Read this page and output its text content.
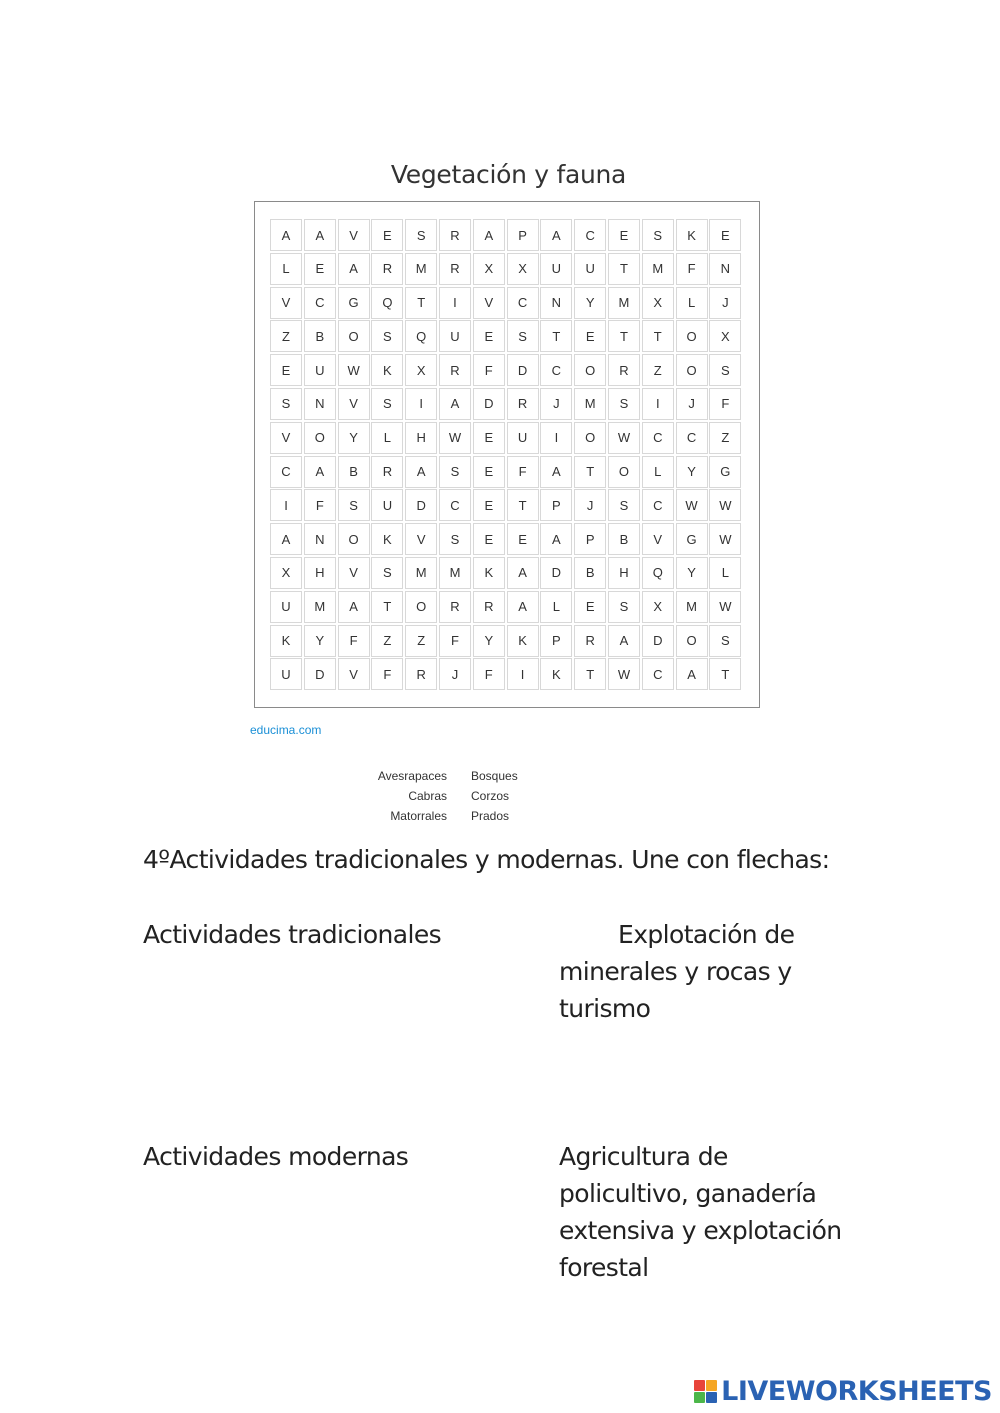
Vegetación y fauna
A	A	V	E	S	R	A	P	A	C	E	S	K	E
L	E	A	R	M	R	X	X	U	U	T	M	F	N
V	C	G	Q	T	I	V	C	N	Y	M	X	L	J
Z	B	O	S	Q	U	E	S	T	E	T	T	O	X
E	U	W	K	X	R	F	D	C	O	R	Z	O	S
S	N	V	S	I	A	D	R	J	M	S	I	J	F
V	O	Y	L	H	W	E	U	I	O	W	C	C	Z
C	A	B	R	A	S	E	F	A	T	O	L	Y	G
I	F	S	U	D	C	E	T	P	J	S	C	W	W
A	N	O	K	V	S	E	E	A	P	B	V	G	W
X	H	V	S	M	M	K	A	D	B	H	Q	Y	L
U	M	A	T	O	R	R	A	L	E	S	X	M	W
K	Y	F	Z	Z	F	Y	K	P	R	A	D	O	S
U	D	V	F	R	J	F	I	K	T	W	C	A	T
educima.com
Avesrapaces Bosques
Cabras Corzos
Matorrales Prados
4ºActividades tradicionales y modernas. Une con flechas:
Actividades tradicionales
Actividades modernas
Explotación de
minerales y rocas y
turismo
Agricultura de
policultivo, ganadería
extensiva y explotación
forestal
LIVEWORKSHEETS
